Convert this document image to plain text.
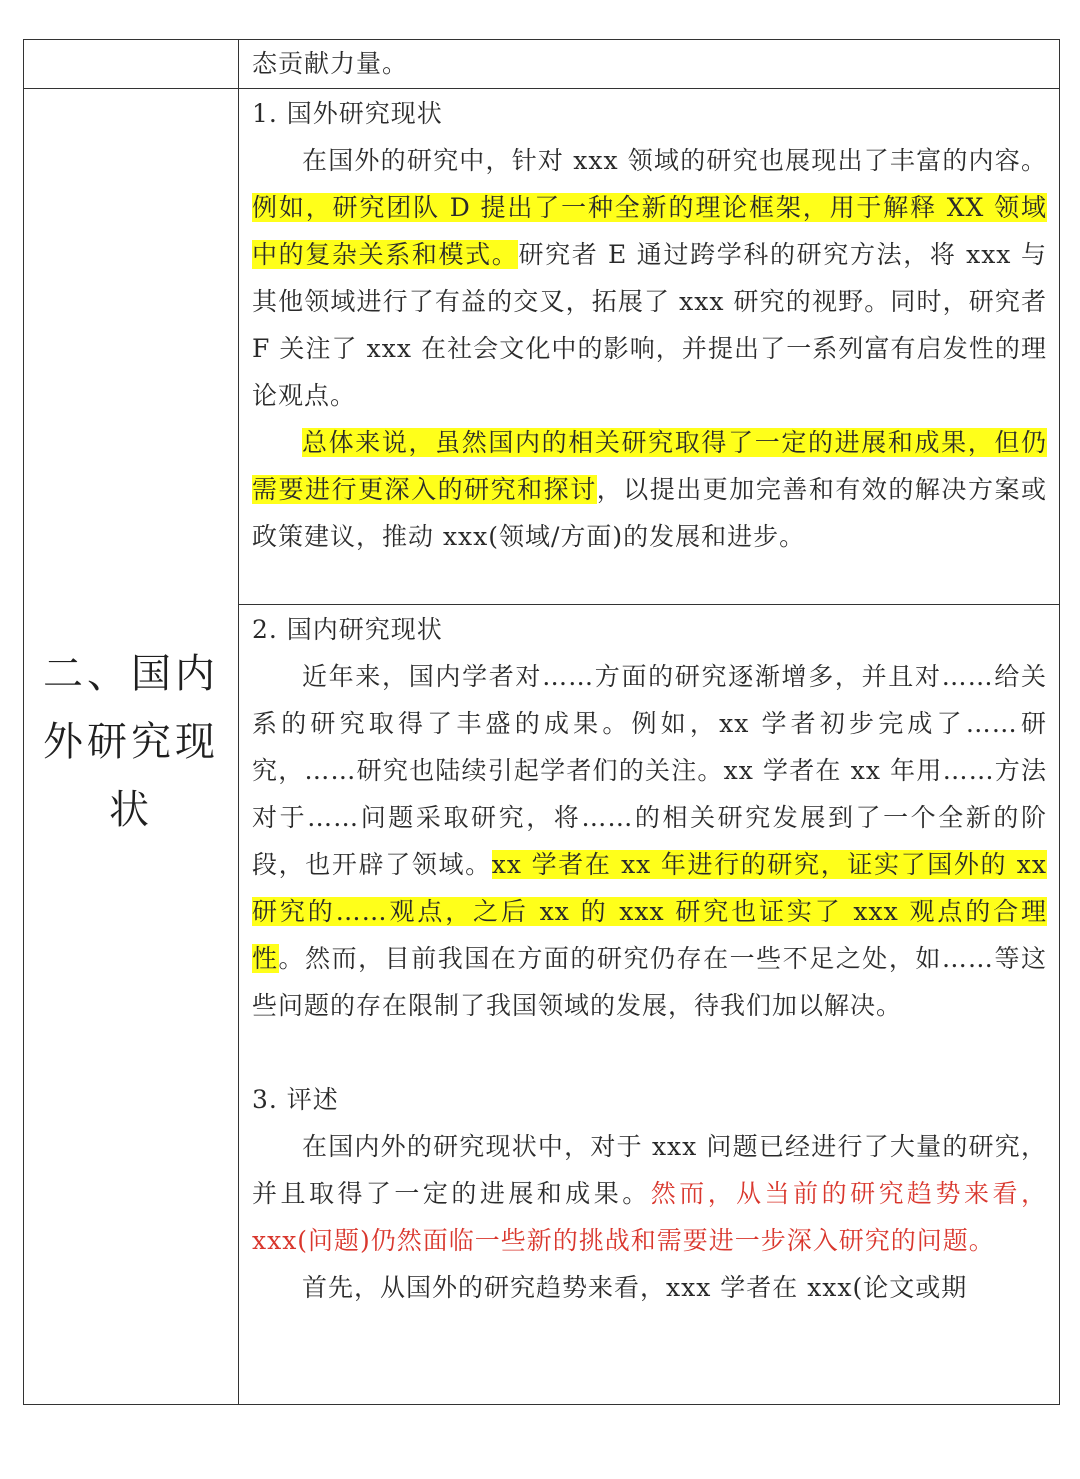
二、国内
外研究现
状

态贡献力量。

1. 国外研究现状

在国外的研究中，针对 xxx 领域的研究也展现出了丰富的内容。例如，研究团队 D 提出了一种全新的理论框架，用于解释 XX 领域中的复杂关系和模式。研究者 E 通过跨学科的研究方法，将 xxx 与其他领域进行了有益的交叉，拓展了 xxx 研究的视野。同时，研究者 F 关注了 xxx 在社会文化中的影响，并提出了一系列富有启发性的理论观点。

总体来说，虽然国内的相关研究取得了一定的进展和成果，但仍需要进行更深入的研究和探讨，以提出更加完善和有效的解决方案或政策建议，推动 xxx(领域/方面)的发展和进步。

2. 国内研究现状

近年来，国内学者对……方面的研究逐渐增多，并且对……给关系的研究取得了丰盛的成果。例如，xx 学者初步完成了……研究，……研究也陆续引起学者们的关注。xx 学者在 xx 年用……方法对于……问题采取研究，将……的相关研究发展到了一个全新的阶段，也开辟了领域。xx 学者在 xx 年进行的研究，证实了国外的 xx 研究的……观点，之后 xx 的 xxx 研究也证实了 xxx 观点的合理性。然而，目前我国在方面的研究仍存在一些不足之处，如……等这些问题的存在限制了我国领域的发展，待我们加以解决。

3. 评述

在国内外的研究现状中，对于 xxx 问题已经进行了大量的研究，并且取得了一定的进展和成果。然而，从当前的研究趋势来看，xxx(问题)仍然面临一些新的挑战和需要进一步深入研究的问题。

首先，从国外的研究趋势来看，xxx 学者在 xxx(论文或期
